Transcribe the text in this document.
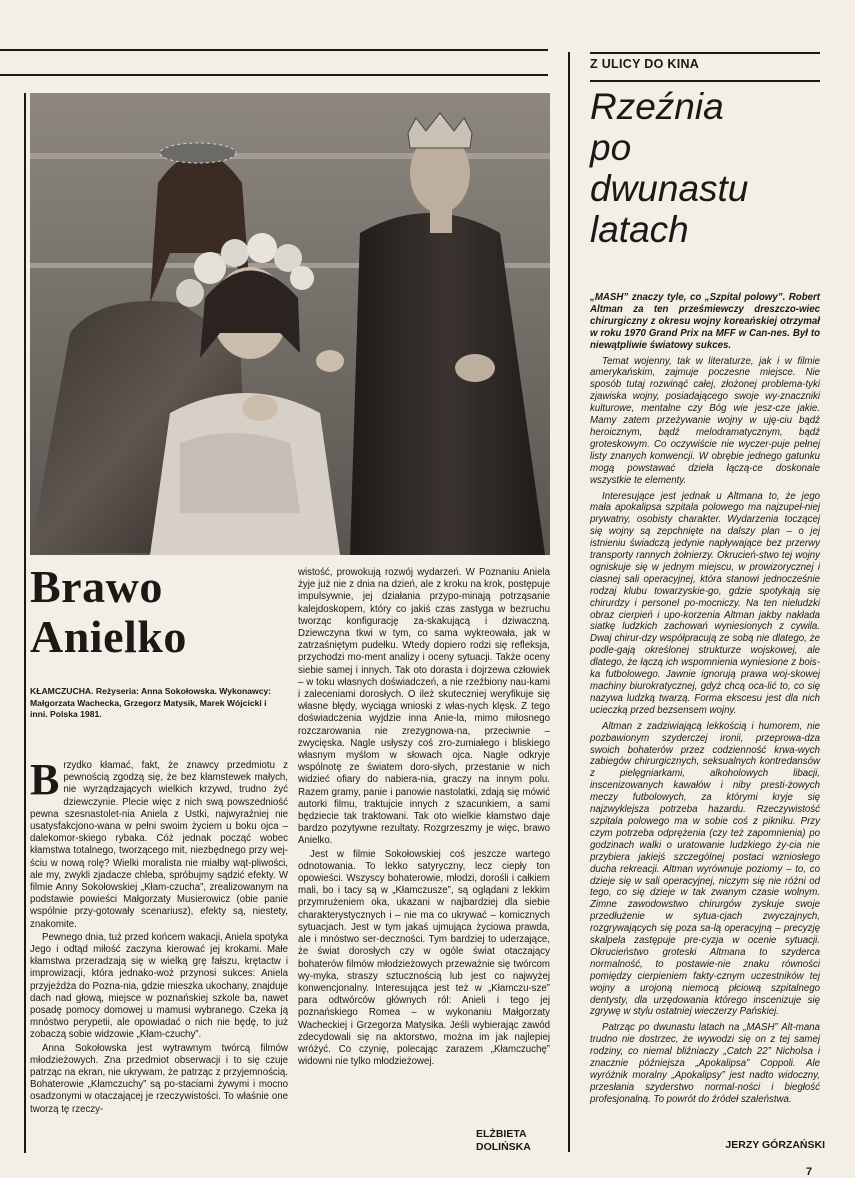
Brawo
Anielko
KŁAMCZUCHA. Reżyseria: Anna Sokołowska. Wykonawcy: Małgorzata Wachecka, Grzegorz Matysik, Marek Wójcicki i inni. Polska 1981.

Brzydko kłamać, fakt, że znawcy przedmiotu z pewnością zgodzą się, że bez kłamstewek małych, nie wyrządzających wielkich krzywd, trudno żyć dziewczynie. Plecie więc z nich swą powszedniość pewna szesnastolet-nia Aniela z Ustki, najwyraźniej nie usatysfakcjono-wana w pełni swoim życiem u boku ojca – dalekomor-skiego rybaka. Cóż jednak począć wobec kłamstwa totalnego, tworzącego mit, niezbędnego przy wej-ściu w nową rolę? Wielki moralista nie miałby wąt-pliwości, ale my, zwykli zjadacze chleba, spróbujmy sądzić efekty. W filmie Anny Sokołowskiej „Kłam-czucha”, zrealizowanym na podstawie powieści Małgorzaty Musierowicz (obie panie wspólnie przy-gotowały scenariusz), efekty są, niestety, znakomite.

Pewnego dnia, tuż przed końcem wakacji, Aniela spotyka Jego i odtąd miłość zaczyna kierować jej krokami. Małe kłamstwa przeradzają się w wielką grę fałszu, krętactw i improwizacji, która jednako-woż przynosi sukces: Aniela przyjeżdża do Pozna-nia, gdzie mieszka ukochany, znajduje dach nad głową, miejsce w poznańskiej szkole ba, nawet posadę pomocy domowej u mamusi wybranego. Czeka ją mnóstwo perypetii, ale opowiadać o nich nie będę, to już zobaczą sobie widzowie „Kłam-czuchy”.

Anna Sokołowska jest wytrawnym twórcą filmów młodzieżowych. Zna przedmiot obserwacji i to się czuje patrząc na ekran, nie ukrywam, że patrząc z przyjemnością. Bohaterowie „Kłamczuchy” są po-staciami żywymi i mocno osadzonymi w otaczającej je rzeczywistości. To właśnie one tworzą tę rzeczy-

wistość, prowokują rozwój wydarzeń. W Poznaniu Aniela żyje już nie z dnia na dzień, ale z kroku na krok, postępuje impulsywnie, jej działania przypo-minają potrząsanie kalejdoskopem, który co jakiś czas zastyga w bezruchu tworząc konfigurację za-skakującą i dziwaczną. Dziewczyna tkwi w tym, co sama wykreowała, jak w zatrzaśniętym pudełku. Wtedy dopiero rodzi się refleksja, przychodzi mo-ment analizy i oceny sytuacji. Także oceny siebie samej i innych. Tak oto dorasta i dojrzewa człowiek – w toku własnych doświadczeń, a nie rzeźbiony nau-kami i zaleceniami dorosłych. O ileż skuteczniej weryfikuje się własne błędy, wyciąga wnioski z włas-nych klęsk. Z tego doświadczenia wyjdzie inna Anie-la, mimo miłosnego rozczarowania nie zrezygnowa-na, przeciwnie – zwycięska. Nagle usłyszy coś zro-zumiałego i bliskiego własnym myślom w słowach ojca. Nagle odkryje wspólnotę ze światem doro-słych, przestanie w nich widzieć ofiary do nabiera-nia, graczy na innym polu. Razem gramy, panie i panowie nastolatki, zdają się mówić autorki filmu, traktujcie innych z szacunkiem, a sami będziecie tak traktowani. Tak oto wielkie kłamstwo daje bardzo pozytywne rezultaty. Rozgrzeszmy je więc, brawo Anielko.

Jest w filmie Sokołowskiej coś jeszcze wartego odnotowania. To lekko satyryczny, lecz ciepły ton opowieści. Wszyscy bohaterowie, młodzi, dorośli i całkiem mali, bo i tacy są w „Kłamczusze”, są oglądani z lekkim przymrużeniem oka, ukazani w najbardziej dla siebie charakterystycznych i – nie ma co ukrywać – komicznych sytuacjach. Jest w tym jakaś ujmująca życiowa prawda, ale i mnóstwo ser-deczności. Tym bardziej to uderzające, że świat dorosłych czy w ogóle świat otaczający bohaterów filmów młodzieżowych przeważnie się twórcom wy-myka, straszy sztucznością lub jest co najwyżej konwencjonalny. Interesująca jest też w „Kłamczu-sze” para odtwórców głównych ról: Anieli i tego jej poznańskiego Romea – w wykonaniu Małgorzaty Wacheckiej i Grzegorza Matysika. Jeśli wybierając zawód zdecydowali się na aktorstwo, można im jak najlepiej wróżyć. Co czynię, polecając zarazem „Kłamczuchę” widowni nie tylko młodzieżowej.

ELŻBIETA
DOLIŃSKA
Z ULICY DO KINA
Rzeźnia
po
dwunastu
latach

„MASH” znaczy tyle, co „Szpital polowy”. Robert Altman za ten prześmiewczy dreszczo-wiec chirurgiczny z okresu wojny koreańskiej otrzymał w roku 1970 Grand Prix na MFF w Can-nes. Był to niewątpliwie światowy sukces.

Temat wojenny, tak w literaturze, jak i w filmie amerykańskim, zajmuje poczesne miejsce. Nie sposób tutaj rozwinąć całej, złożonej problema-tyki zjawiska wojny, posiadającego swoje wy-znaczniki kulturowe, mentalne czy Bóg wie jesz-cze jakie. Mamy zatem przeżywanie wojny w uję-ciu bądź heroicznym, bądź melodramatycznym, bądź groteskowym. Co oczywiście nie wyczer-puje pełnej listy znanych konwencji. W obrębie jednego gatunku mogą powstawać dzieła łączą-ce doskonale wszystkie te elementy.

Interesujące jest jednak u Altmana to, że jego mała apokalipsa szpitala polowego ma najzupeł-niej prywatny, osobisty charakter. Wydarzenia toczącej się wojny są zepchnięte na dalszy plan – o jej istnieniu świadczą jedynie napływające bez przerwy transporty rannych żołnierzy. Okrucień-stwo tej wojny ogniskuje się w jednym miejscu, w prowizorycznej i ciasnej sali operacyjnej, która stanowi jednocześnie rodzaj klubu towarzyskie-go, gdzie spotykają się chirurdzy i personel po-mocniczy. Na ten nieludzki obraz cierpień i upo-korzenia Altman jakby nakłada siatkę ludzkich zachowań wyniesionych z cywila. Dwaj chirur-dzy współpracują ze sobą nie dlatego, że podle-gają określonej strukturze wojskowej, ale dlatego, że łączą ich wspomnienia wyniesione z bois-ka futbolowego. Jawnie ignorują prawa woj-skowej machiny biurokratycznej, gdyż chcą oca-lić to, co się nazywa ludzką twarzą. Forma ekscesu jest dla nich ucieczką przed bezsensem wojny.

Altman z zadziwiającą lekkością i humorem, nie pozbawionym szyderczej ironii, przeprowa-dza swoich bohaterów przez codzienność krwa-wych zabiegów chirurgicznych, seksualnych kontredansów z pielęgniarkami, alkoholowych libacji, inscenizowanych kawałów i niby presti-żowych meczy futbolowych, za którymi kryje się najzwyklejsza potrzeba hazardu. Rzeczywistość szpitala polowego ma w sobie coś z pikniku. Przy czym potrzeba odprężenia (czy też zapomnienia) po godzinach walki o uratowanie ludzkiego ży-cia nie przybiera jakiejś szczególnej postaci wzniosłego ducha rekreacji. Altman wyrównuje poziomy – to, co dzieje się w sali operacyjnej, niczym się nie różni od tego, co się dzieje w tak zwanym czasie wolnym. Zimne zawodowstwo chirurgów zyskuje swoje przedłużenie w sytua-cjach zwyczajnych, rozgrywających się poza sa-lą operacyjną – precyzję skalpela zastępuje pre-cyzja w ocenie sytuacji. Okrucieństwo groteski Altmana to szyderca normalność, to postawie-nie znaku równości pomiędzy cierpieniem fakty-cznym uczestników tej wojny a urojoną niemocą płciową szpitalnego dentysty, dla urzędowania którego inscenizuje się zgrywę w stylu ostatniej wieczerzy Pańskiej.

Patrząc po dwunastu latach na „MASH” Alt-mana trudno nie dostrzec, że wywodzi się on z tej samej rodziny, co niemal bliźniaczy „Catch 22” Nicholsa i znacznie późniejsza „Apokalipsa” Coppoli. Ale wyróżnik moralny „Apokalipsy” jest nadto widoczny, przesłania szyderstwo normal-ności i biegłość profesjonalną. To powrót do źródeł szaleństwa.

JERZY GÓRZAŃSKI
7
